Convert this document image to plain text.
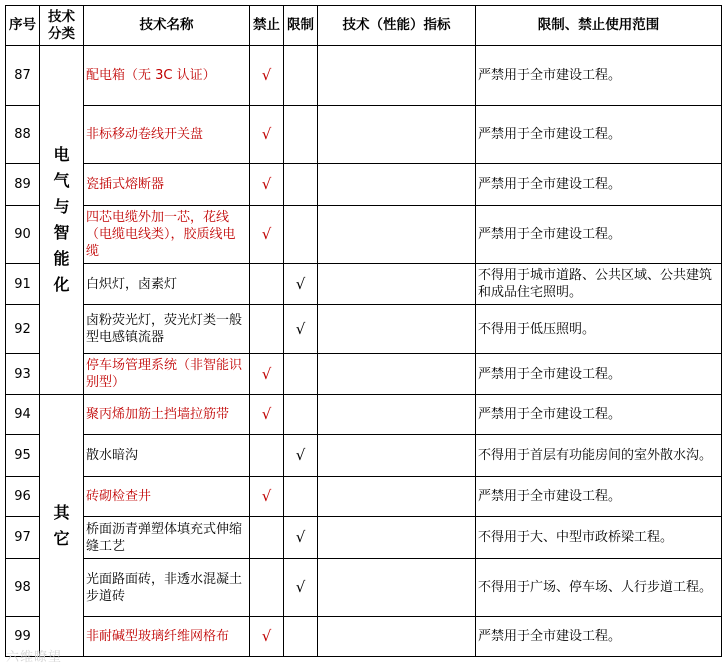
序号	技术分类	技术名称	禁止	限制	技术（性能）指标	限制、禁止使用范围
87	电气与智能化	配电箱（无 3C 认证）	√			严禁用于全市建设工程。
88		非标移动卷线开关盘	√			严禁用于全市建设工程。
89		瓷插式熔断器	√			严禁用于全市建设工程。
90		四芯电缆外加一芯，花线（电缆电线类），胶质线电缆	√			严禁用于全市建设工程。
91		白炽灯，卤素灯		√		不得用于城市道路、公共区域、公共建筑和成品住宅照明。
92		卤粉荧光灯，荧光灯类一般型电感镇流器		√		不得用于低压照明。
93		停车场管理系统（非智能识别型）	√			严禁用于全市建设工程。
94	其它	聚丙烯加筋土挡墙拉筋带	√			严禁用于全市建设工程。
95		散水暗沟		√		不得用于首层有功能房间的室外散水沟。
96		砖砌检查井	√			严禁用于全市建设工程。
97		桥面沥青弹塑体填充式伸缩缝工艺		√		不得用于大、中型市政桥梁工程。
98		光面路面砖，非透水混凝土步道砖		√		不得用于广场、停车场、人行步道工程。
99		非耐碱型玻璃纤维网格布	√			严禁用于全市建设工程。
六维瞭望
